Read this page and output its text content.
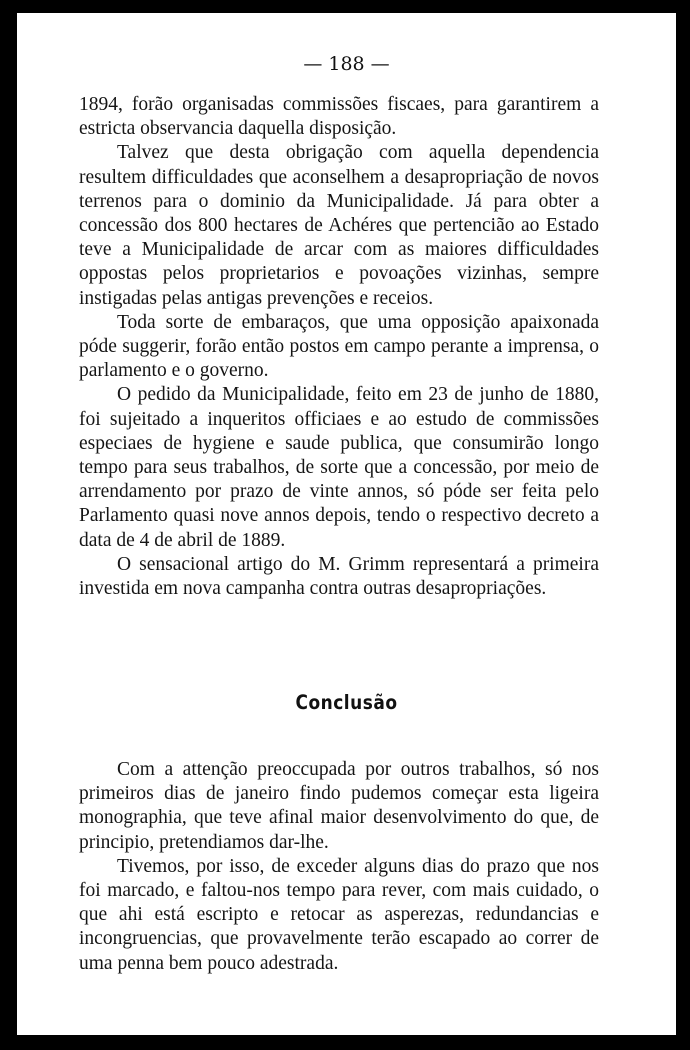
— 188 —

1894, forão organisadas commissões fiscaes, para garantirem a estricta observancia daquella disposição.

Talvez que desta obrigação com aquella dependencia resultem difficuldades que aconselhem a desapropriação de novos terrenos para o dominio da Municipalidade. Já para obter a concessão dos 800 hectares de Achéres que pertencião ao Estado teve a Municipalidade de arcar com as maiores difficuldades oppostas pelos proprietarios e povoações vizinhas, sempre instigadas pelas antigas prevenções e receios.

Toda sorte de embaraços, que uma opposição apaixonada póde suggerir, forão então postos em campo perante a imprensa, o parlamento e o governo.

O pedido da Municipalidade, feito em 23 de junho de 1880, foi sujeitado a inqueritos officiaes e ao estudo de commissões especiaes de hygiene e saude publica, que consumirão longo tempo para seus trabalhos, de sorte que a concessão, por meio de arrendamento por prazo de vinte annos, só póde ser feita pelo Parlamento quasi nove annos depois, tendo o respectivo decreto a data de 4 de abril de 1889.

O sensacional artigo do M. Grimm representará a primeira investida em nova campanha contra outras desapropriações.

Conclusão

Com a attenção preoccupada por outros trabalhos, só nos primeiros dias de janeiro findo pudemos começar esta ligeira monographia, que teve afinal maior desenvolvimento do que, de principio, pretendiamos dar-lhe.

Tivemos, por isso, de exceder alguns dias do prazo que nos foi marcado, e faltou-nos tempo para rever, com mais cuidado, o que ahi está escripto e retocar as asperezas, redundancias e incongruencias, que provavelmente terão escapado ao correr de uma penna bem pouco adestrada.
